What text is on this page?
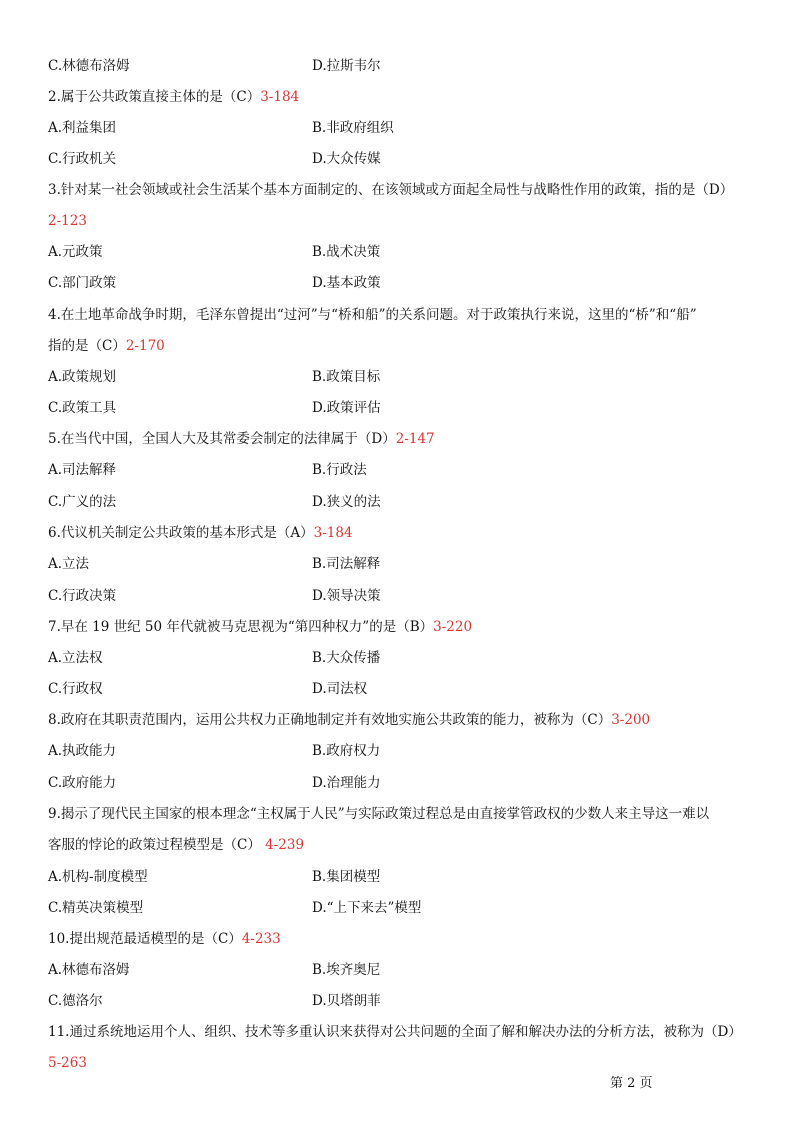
C.林德布洛姆	D.拉斯韦尔
2.属于公共政策直接主体的是（C）3-184
A.利益集团	B.非政府组织
C.行政机关	D.大众传媒
3.针对某一社会领域或社会生活某个基本方面制定的、在该领域或方面起全局性与战略性作用的政策，指的是（D）
2-123
A.元政策	B.战术决策
C.部门政策	D.基本政策
4.在土地革命战争时期，毛泽东曾提出“过河”与“桥和船”的关系问题。对于政策执行来说，这里的“桥”和“船”
指的是（C）2-170
A.政策规划	B.政策目标
C.政策工具	D.政策评估
5.在当代中国，全国人大及其常委会制定的法律属于（D）2-147
A.司法解释	B.行政法
C.广义的法	D.狭义的法
6.代议机关制定公共政策的基本形式是（A）3-184
A.立法	B.司法解释
C.行政决策	D.领导决策
7.早在 19 世纪 50 年代就被马克思视为“第四种权力”的是（B）3-220
A.立法权	B.大众传播
C.行政权	D.司法权
8.政府在其职责范围内，运用公共权力正确地制定并有效地实施公共政策的能力，被称为（C）3-200
A.执政能力	B.政府权力
C.政府能力	D.治理能力
9.揭示了现代民主国家的根本理念“主权属于人民”与实际政策过程总是由直接掌管政权的少数人来主导这一难以
客服的悖论的政策过程模型是（C） 4-239
A.机构-制度模型	B.集团模型
C.精英决策模型	D.“上下来去”模型
10.提出规范最适模型的是（C）4-233
A.林德布洛姆	B.埃齐奥尼
C.德洛尔	D.贝塔朗菲
11.通过系统地运用个人、组织、技术等多重认识来获得对公共问题的全面了解和解决办法的分析方法，被称为（D）
5-263
第 2 页
